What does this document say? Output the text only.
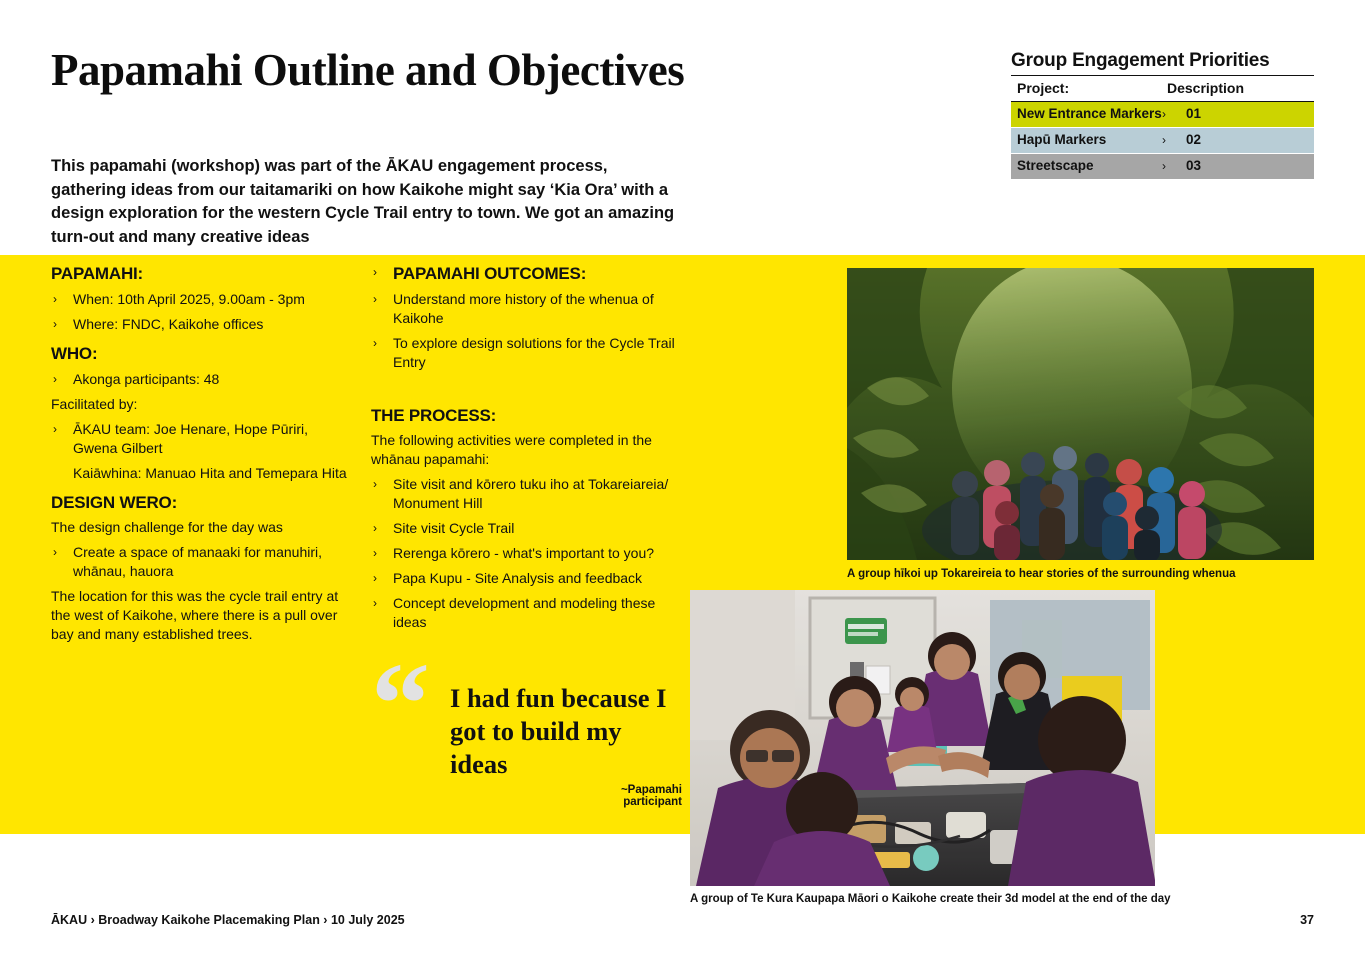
Papamahi Outline and Objectives
This papamahi (workshop) was part of the ĀKAU engagement process, gathering ideas from our taitamariki on how Kaikohe might say ‘Kia Ora’ with a design exploration for the western Cycle Trail entry to town. We got an amazing turn-out and many creative ideas
Group Engagement Priorities
Project:	Description
New Entrance Markers ›	01
Hapū Markers	›	02
Streetscape	›	03
PAPAMAHI:
› When: 10th April 2025, 9.00am - 3pm
› Where: FNDC, Kaikohe offices
WHO:
› Akonga participants: 48
Facilitated by:
› ĀKAU team: Joe Henare, Hope Pūriri, Gwena Gilbert
Kaiāwhina: Manuao Hita and Temepara Hita
DESIGN WERO:
The design challenge for the day was
› Create a space of manaaki for manuhiri, whānau, hauora
The location for this was the cycle trail entry at the west of Kaikohe, where there is a pull over bay and many established trees.
› PAPAMAHI OUTCOMES:
› Understand more history of the whenua of Kaikohe
› To explore design solutions for the Cycle Trail Entry
THE PROCESS:
The following activities were completed in the whānau papamahi:
› Site visit and kōrero tuku iho at Tokareiareia/ Monument Hill
› Site visit Cycle Trail
› Rerenga kōrero - what's important to you?
› Papa Kupu - Site Analysis and feedback
› Concept development and modeling these ideas
“ I had fun because I got to build my ideas
~Papamahi participant
A group hīkoi up Tokareireia to hear stories of the surrounding whenua
A group of Te Kura Kaupapa Māori o Kaikohe create their 3d model at the end of the day
ĀKAU › Broadway Kaikohe Placemaking Plan › 10 July 2025	37
